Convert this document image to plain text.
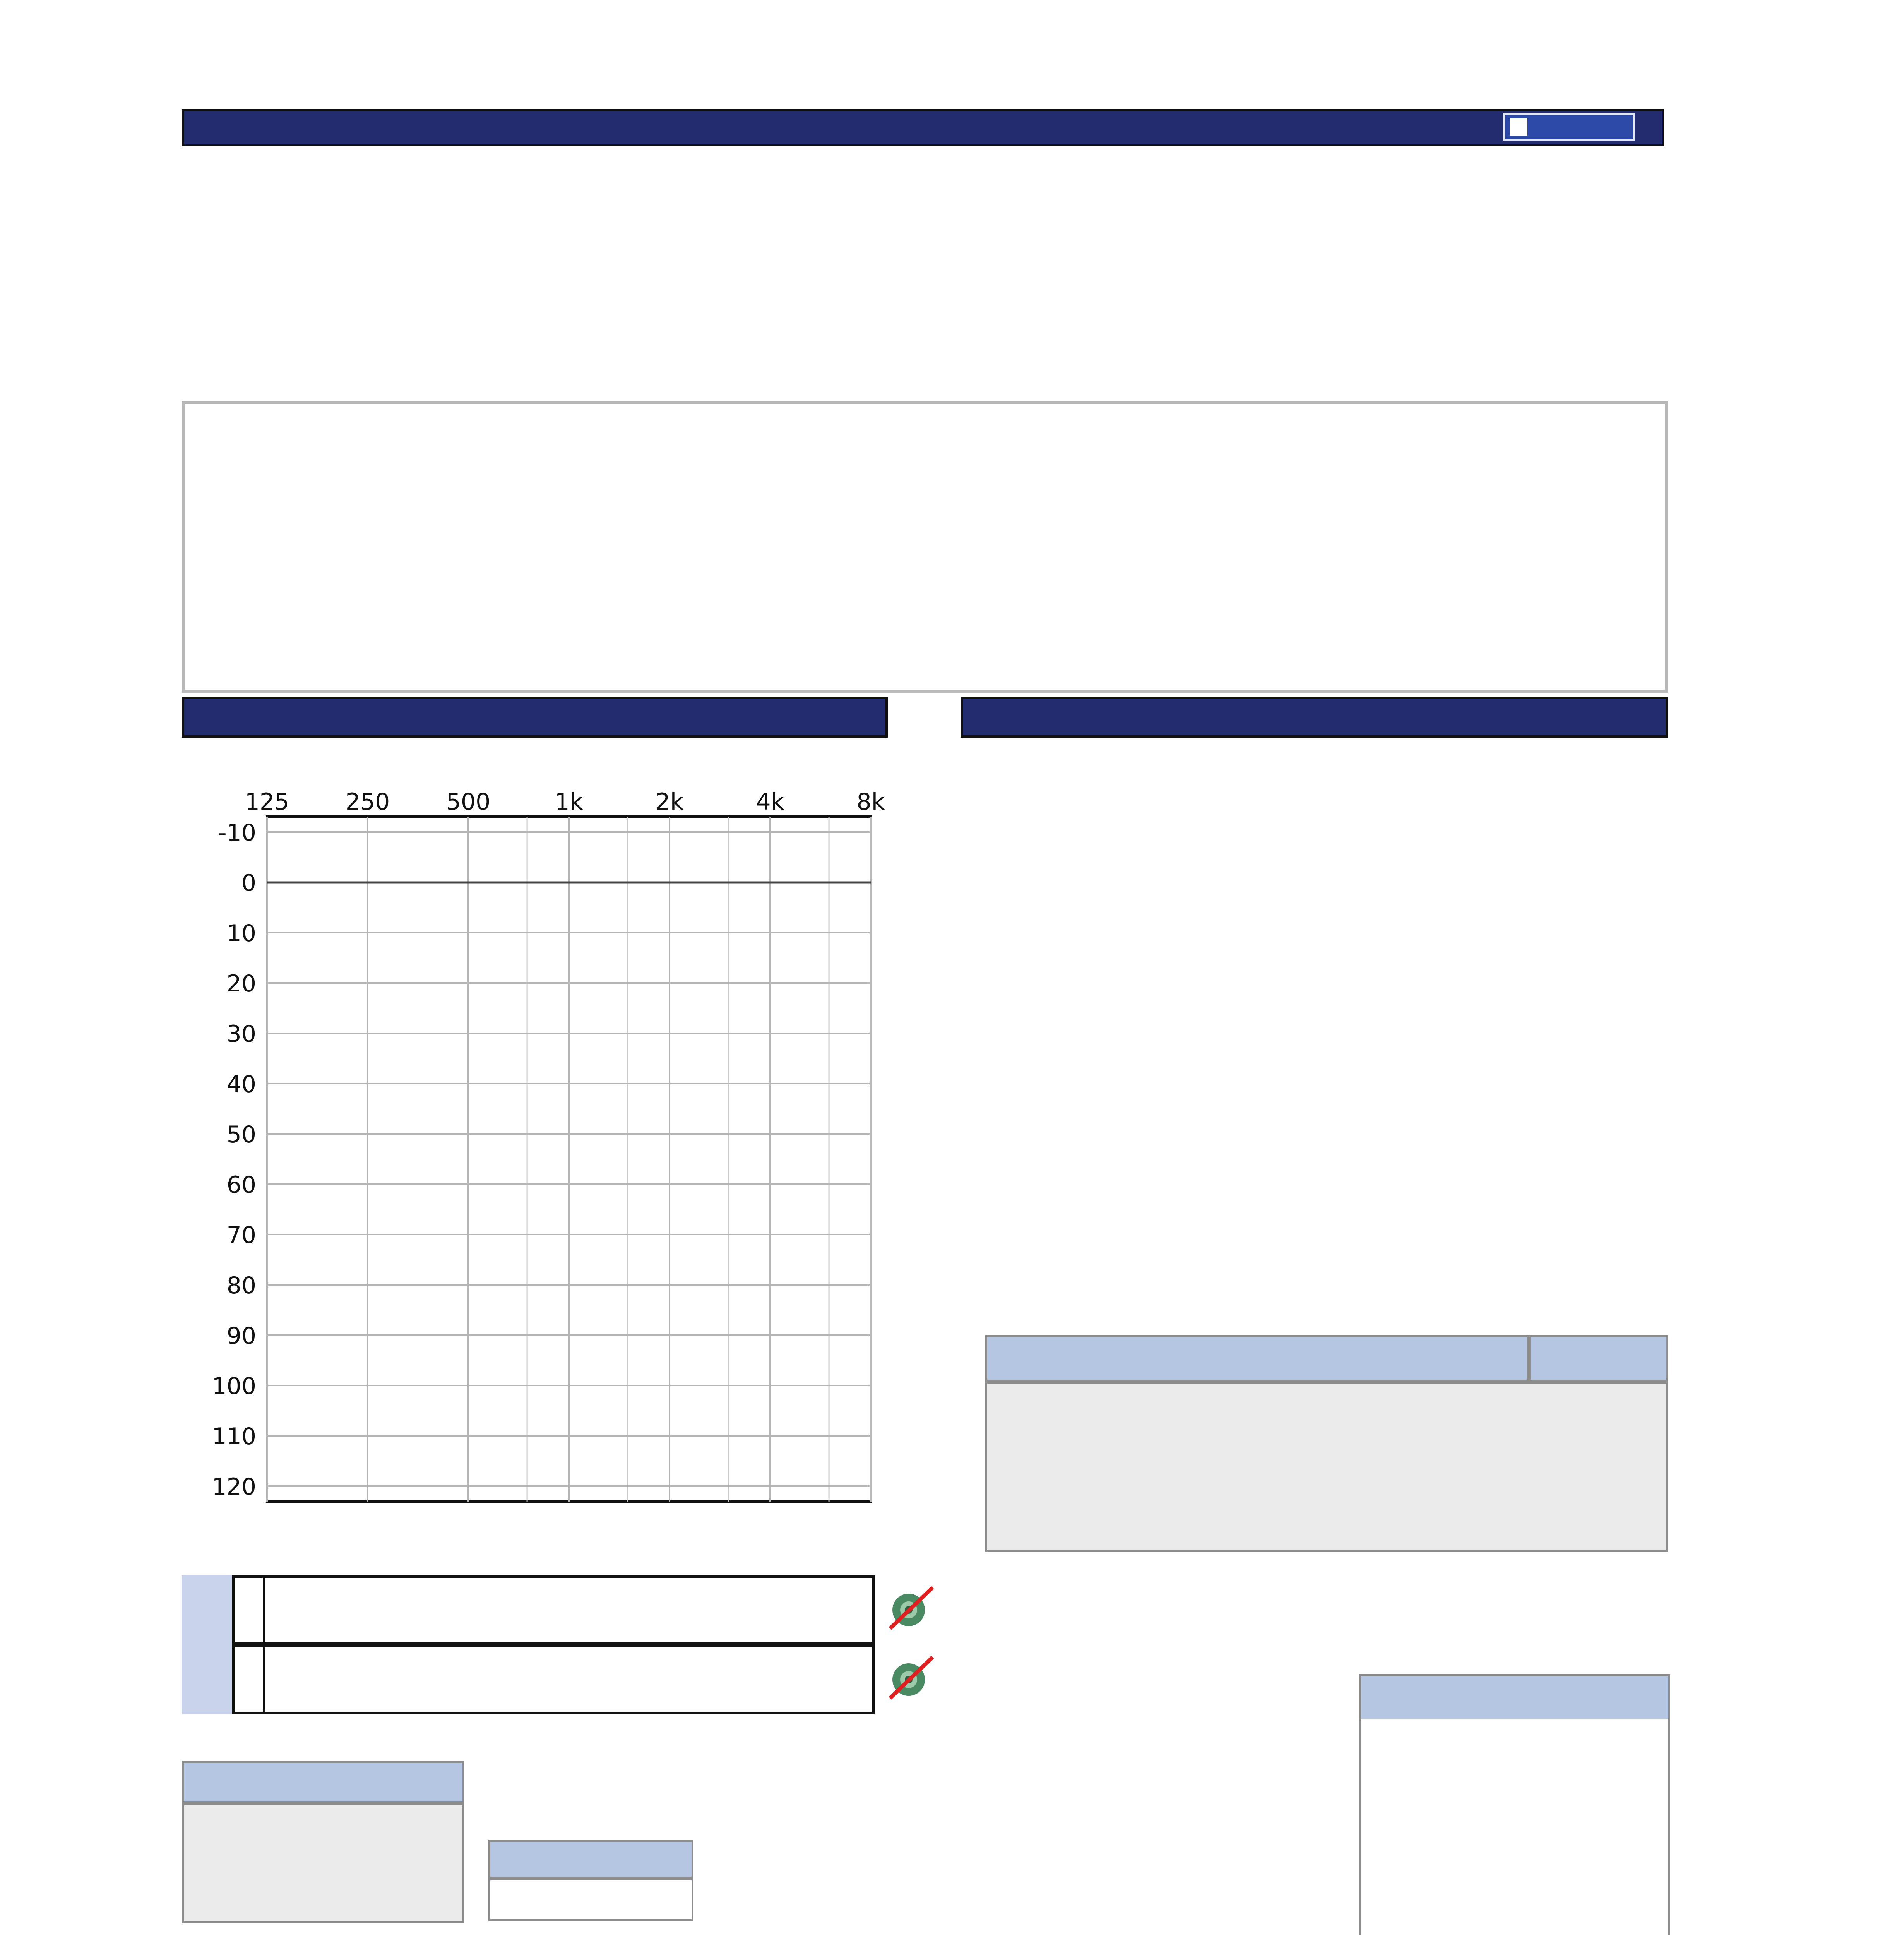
-10
0
10
20
30
40
50
60
70
80
90
100
110
120
125 250 500	1k	2k	4k	8k
